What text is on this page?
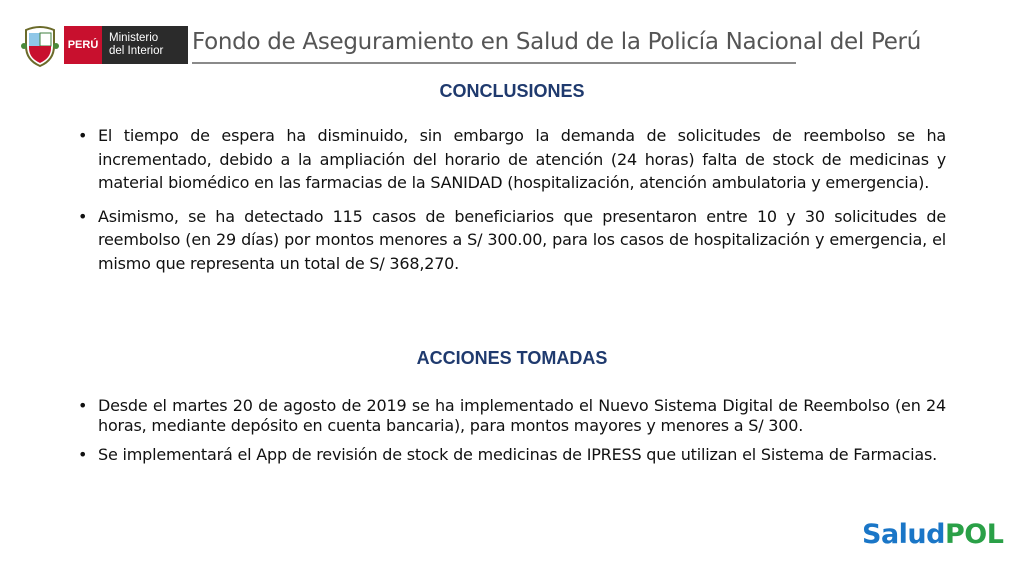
PERÚ
Ministerio
del Interior	Fondo de Aseguramiento en Salud de la Policía Nacional del Perú
CONCLUSIONES
• El tiempo de espera ha disminuido, sin embargo la demanda de solicitudes de reembolso se ha incrementado, debido a la ampliación del horario de atención (24 horas) falta de stock de medicinas y material biomédico en las farmacias de la SANIDAD (hospitalización, atención ambulatoria y emergencia).
• Asimismo, se ha detectado 115 casos de beneficiarios que presentaron entre 10 y 30 solicitudes de reembolso (en 29 días) por montos menores a S/ 300.00, para los casos de hospitalización y emergencia, el mismo que representa un total de S/ 368,270.
ACCIONES TOMADAS
• Desde el martes 20 de agosto de 2019 se ha implementado el Nuevo Sistema Digital de Reembolso (en 24 horas, mediante depósito en cuenta bancaria), para montos mayores y menores a S/ 300.
• Se implementará el App de revisión de stock de medicinas de IPRESS que utilizan el Sistema de Farmacias.
Salud POL
